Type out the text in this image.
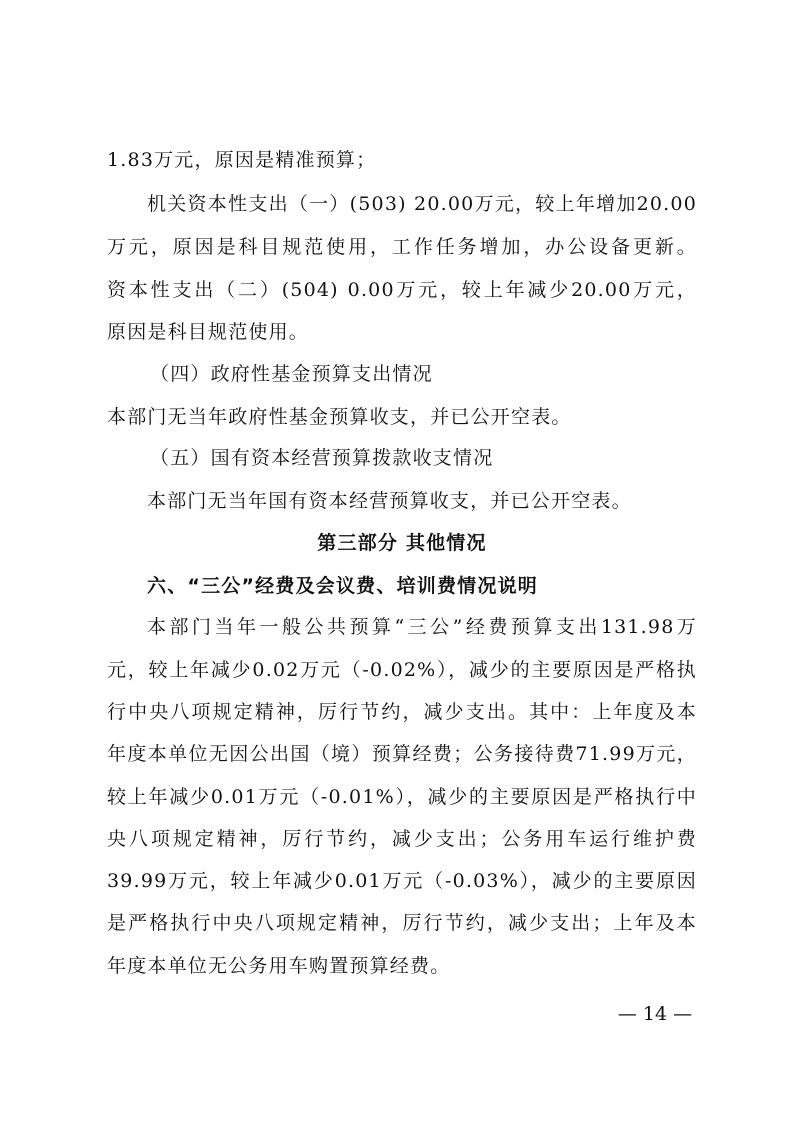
1.83万元，原因是精准预算；
机关资本性支出（一）(503) 20.00万元，较上年增加20.00
万元，原因是科目规范使用，工作任务增加，办公设备更新。
资本性支出（二）(504) 0.00万元，较上年减少20.00万元，
原因是科目规范使用。
（四）政府性基金预算支出情况
本部门无当年政府性基金预算收支，并已公开空表。
（五）国有资本经营预算拨款收支情况
本部门无当年国有资本经营预算收支，并已公开空表。
第三部分 其他情况
六、“三公”经费及会议费、培训费情况说明
本部门当年一般公共预算“三公”经费预算支出131.98万
元，较上年减少0.02万元（-0.02%），减少的主要原因是严格执
行中央八项规定精神，厉行节约，减少支出。其中：上年度及本
年度本单位无因公出国（境）预算经费；公务接待费71.99万元，
较上年减少0.01万元（-0.01%），减少的主要原因是严格执行中
央八项规定精神，厉行节约，减少支出；公务用车运行维护费
39.99万元，较上年减少0.01万元（-0.03%），减少的主要原因
是严格执行中央八项规定精神，厉行节约，减少支出；上年及本
年度本单位无公务用车购置预算经费。
— 14 —
